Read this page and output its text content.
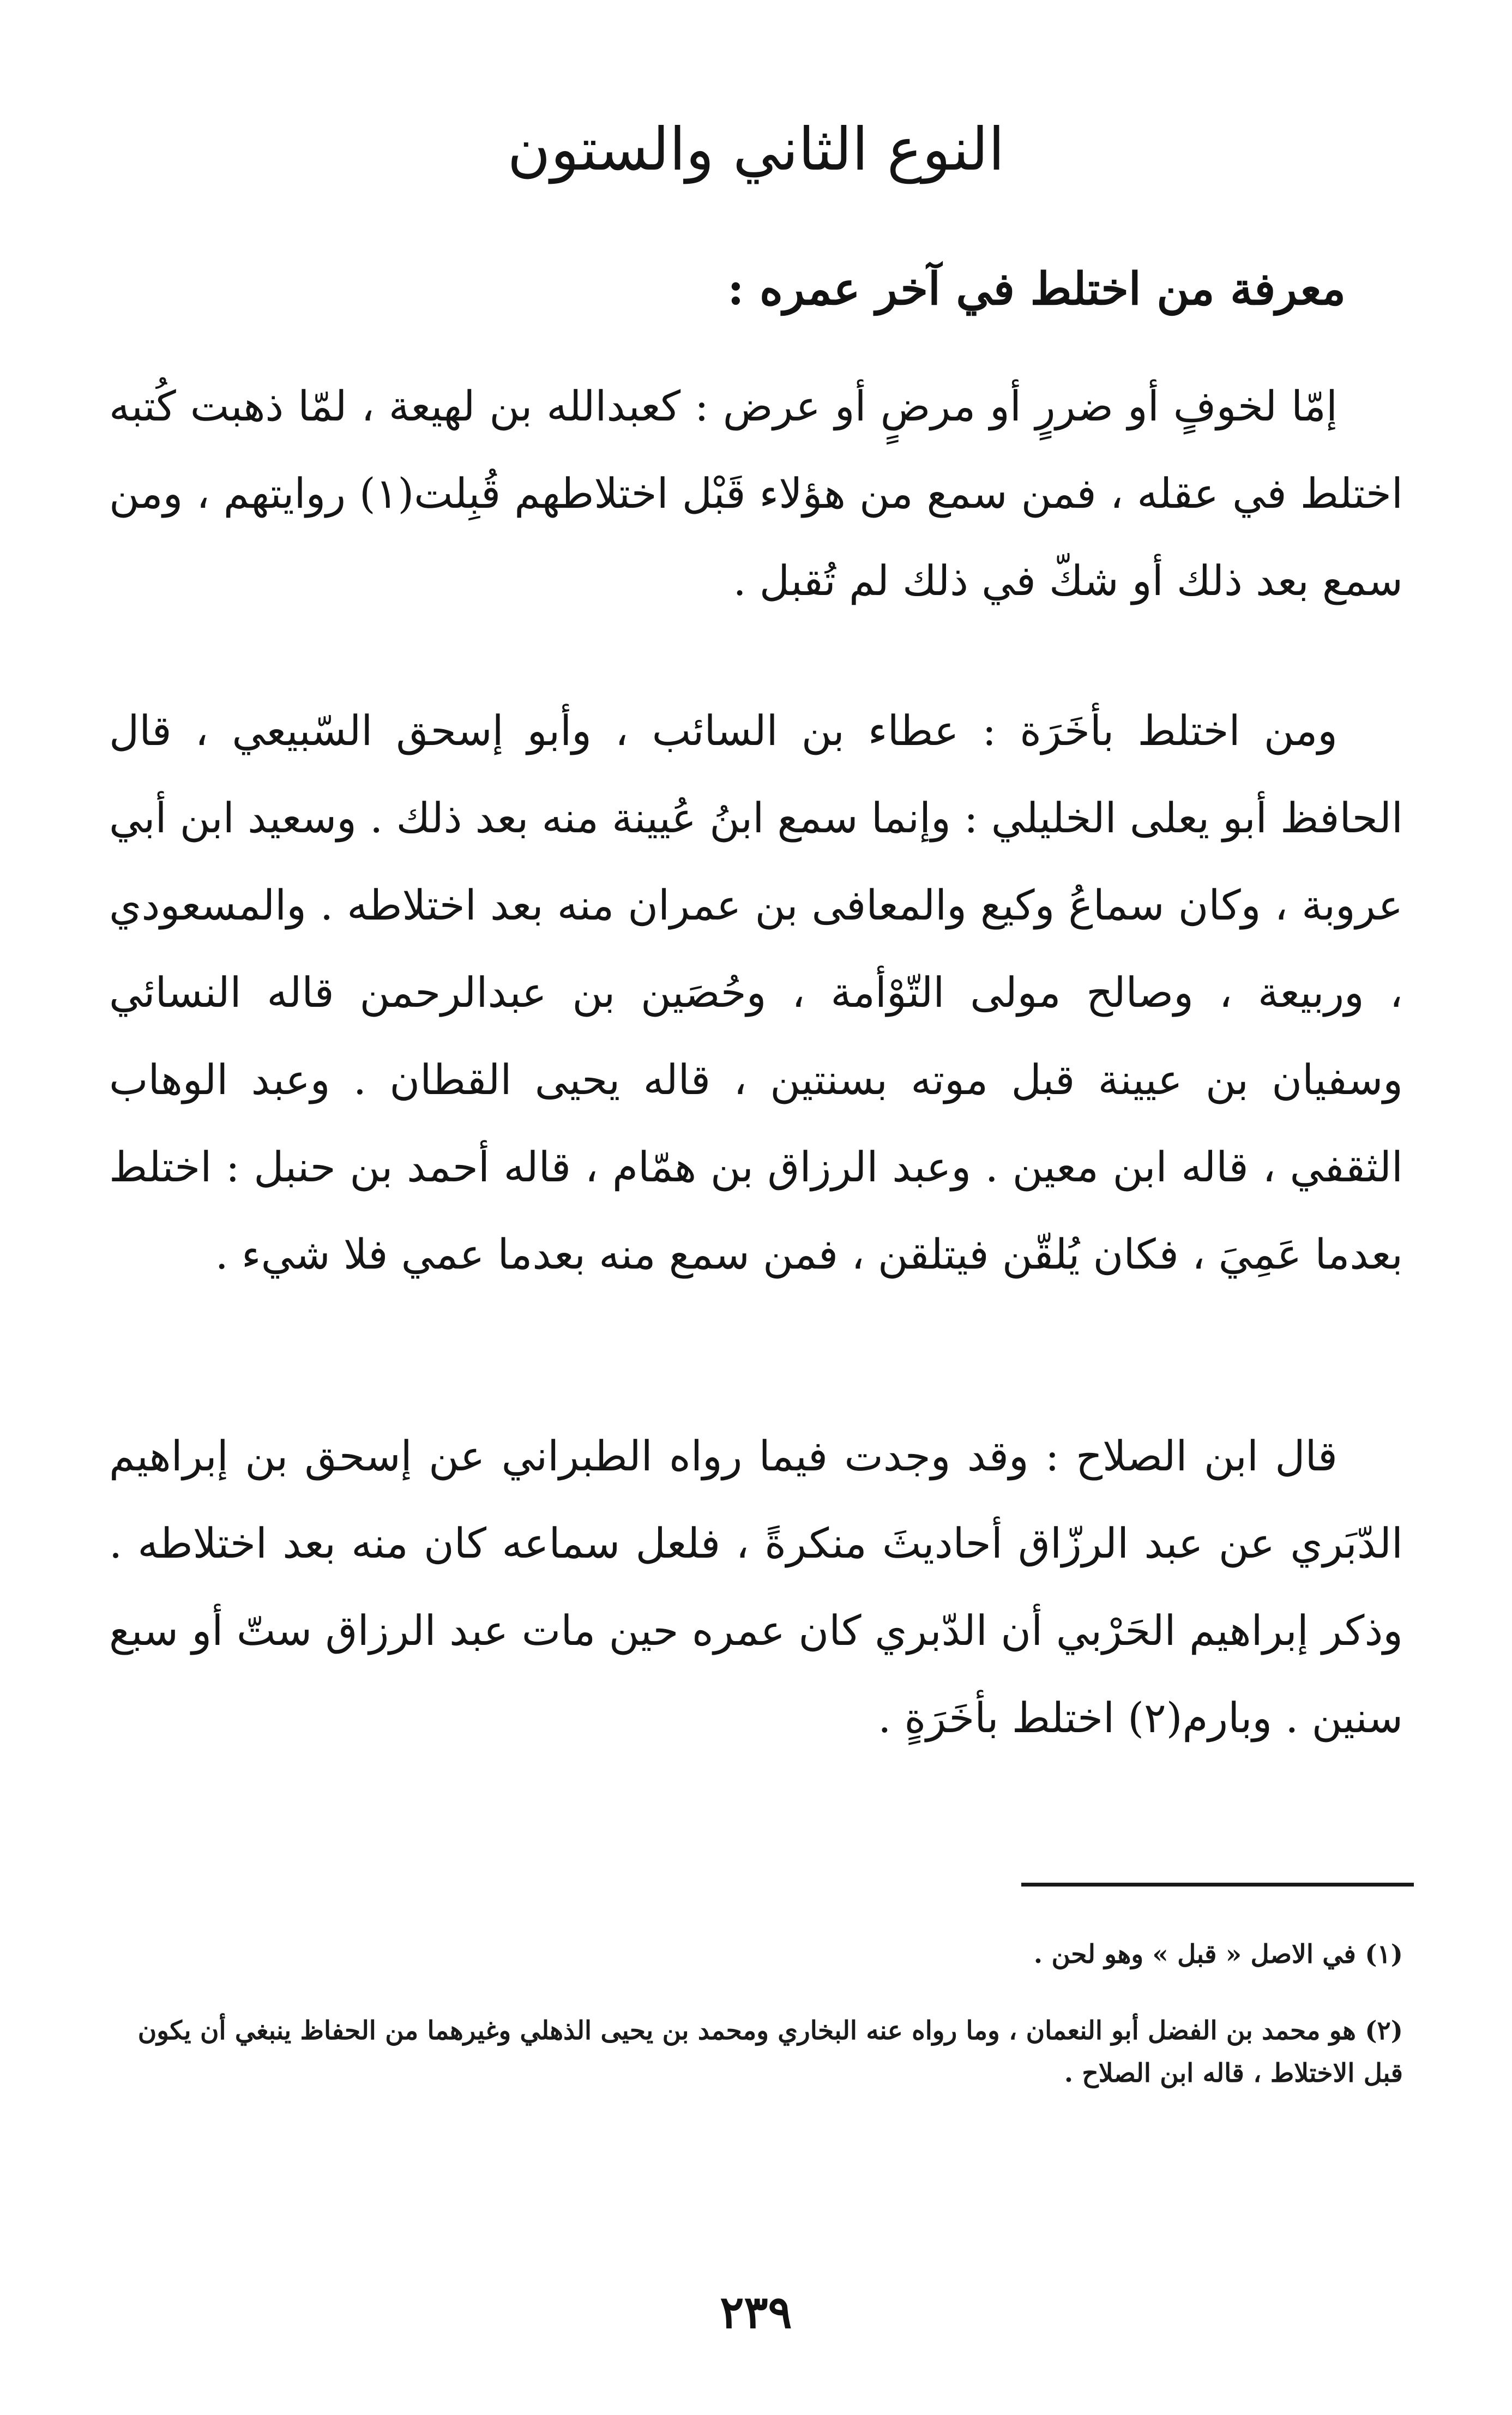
النوع الثاني والستون
معرفة من اختلط في آخر عمره :

إمّا لخوفٍ أو ضررٍ أو مرضٍ أو عرض : كعبدالله بن لهيعة ، لمّا ذهبت كُتبه اختلط في عقله ، فمن سمع من هؤلاء قَبْل اختلاطهم قُبِلت(١) روايتهم ، ومن سمع بعد ذلك أو شكّ في ذلك لم تُقبل .

ومن اختلط بأخَرَة : عطاء بن السائب ، وأبو إسحق السّبيعي ، قال الحافظ أبو يعلى الخليلي : وإنما سمع ابنُ عُيينة منه بعد ذلك . وسعيد ابن أبي عروبة ، وكان سماعُ وكيع والمعافى بن عمران منه بعد اختلاطه . والمسعودي ، وربيعة ، وصالح مولى التّوْأمة ، وحُصَين بن عبدالرحمن قاله النسائي وسفيان بن عيينة قبل موته بسنتين ، قاله يحيى القطان . وعبد الوهاب الثقفي ، قاله ابن معين . وعبد الرزاق بن همّام ، قاله أحمد بن حنبل : اختلط بعدما عَمِيَ ، فكان يُلقّن فيتلقن ، فمن سمع منه بعدما عمي فلا شيء .

قال ابن الصلاح : وقد وجدت فيما رواه الطبراني عن إسحق بن إبراهيم الدّبَري عن عبد الرزّاق أحاديثَ منكرةً ، فلعل سماعه كان منه بعد اختلاطه . وذكر إبراهيم الحَرْبي أن الدّبري كان عمره حين مات عبد الرزاق ستّ أو سبع سنين . وبارم(٢) اختلط بأخَرَةٍ .

(١) في الاصل « قبل » وهو لحن .

(٢) هو محمد بن الفضل أبو النعمان ، وما رواه عنه البخاري ومحمد بن يحيى الذهلي وغيرهما من الحفاظ ينبغي أن يكون قبل الاختلاط ، قاله ابن الصلاح .

٢٣٩
